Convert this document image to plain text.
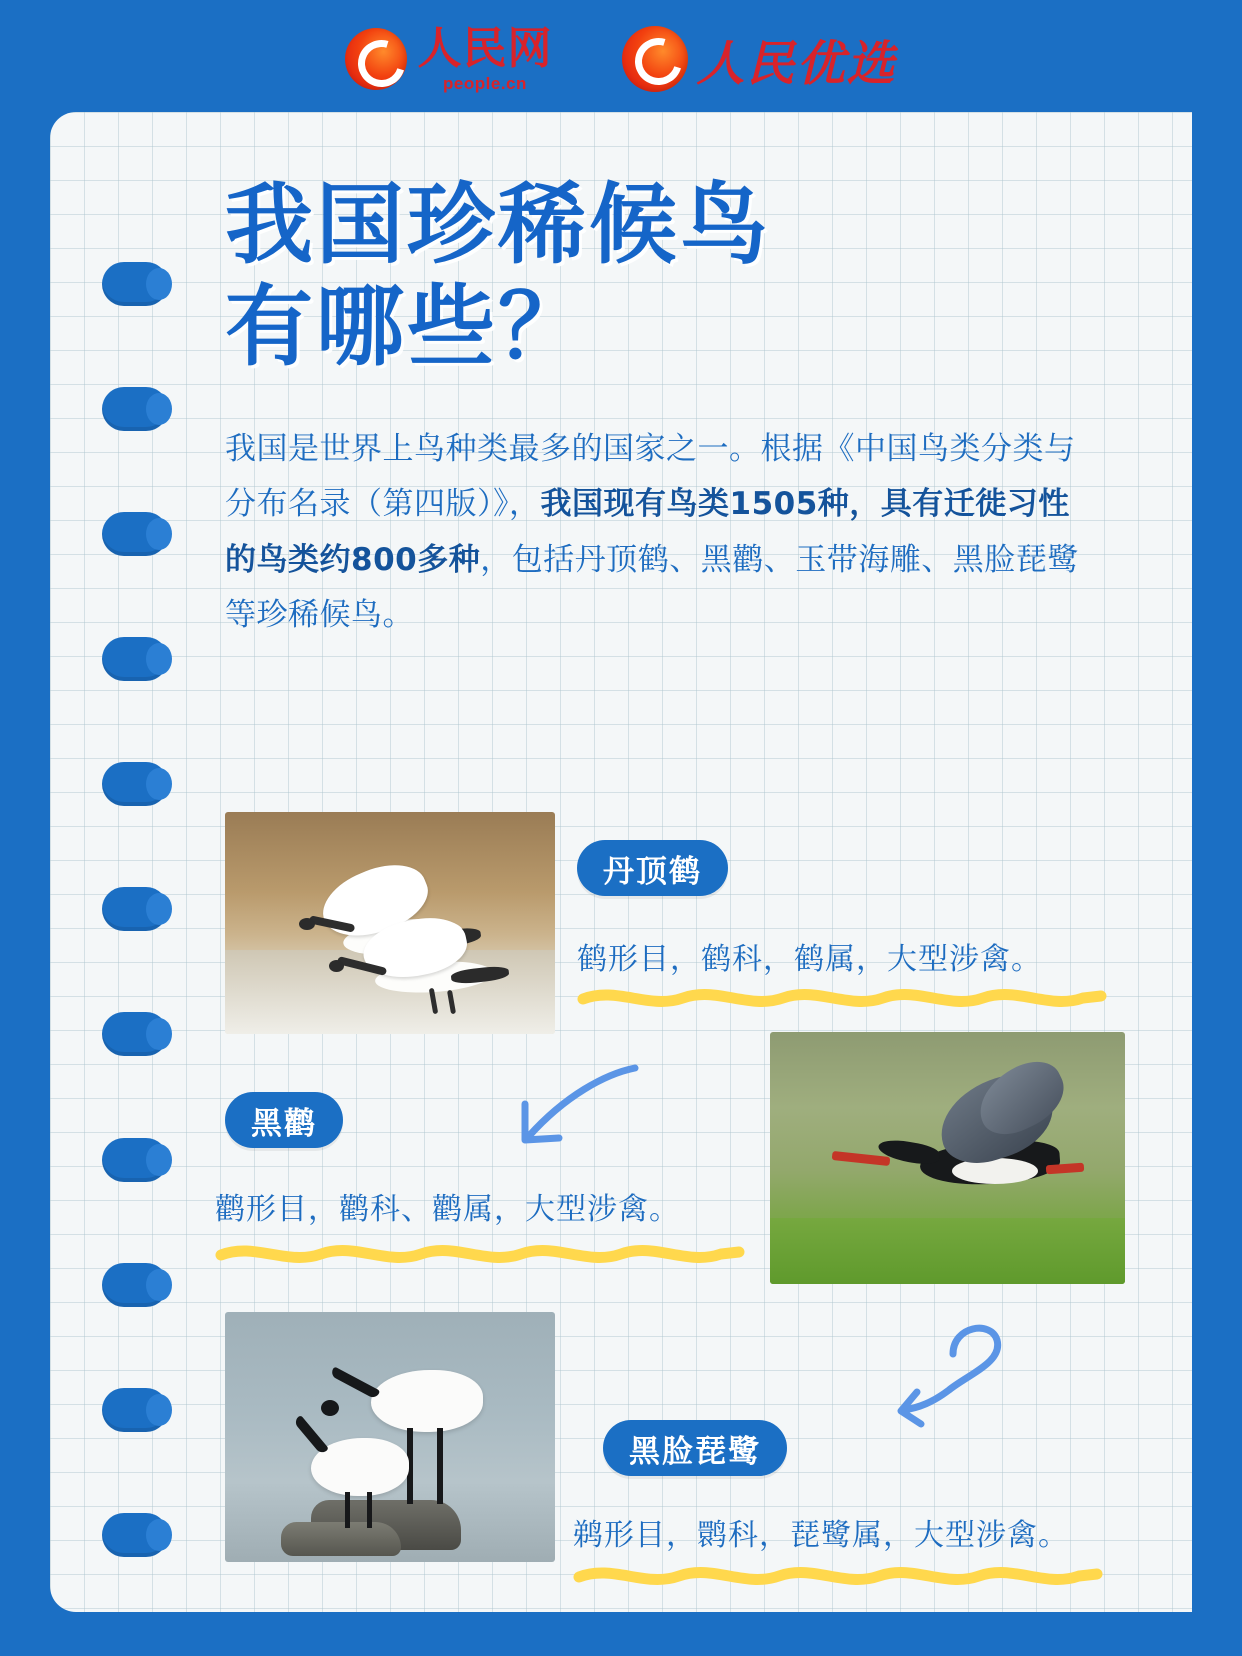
人民网
people.cn	人民优选
我国珍稀候鸟
有哪些？
我国是世界上鸟种类最多的国家之一。根据《中国鸟类分类与分布名录（第四版）》，我国现有鸟类1505种，具有迁徙习性的鸟类约800多种，包括丹顶鹤、黑鹳、玉带海雕、黑脸琵鹭等珍稀候鸟。
丹顶鹤
鹤形目，鹤科，鹤属，大型涉禽。
黑鹳
鹳形目，鹳科、鹳属，大型涉禽。
黑脸琵鹭
鹈形目，鹮科，琵鹭属，大型涉禽。
